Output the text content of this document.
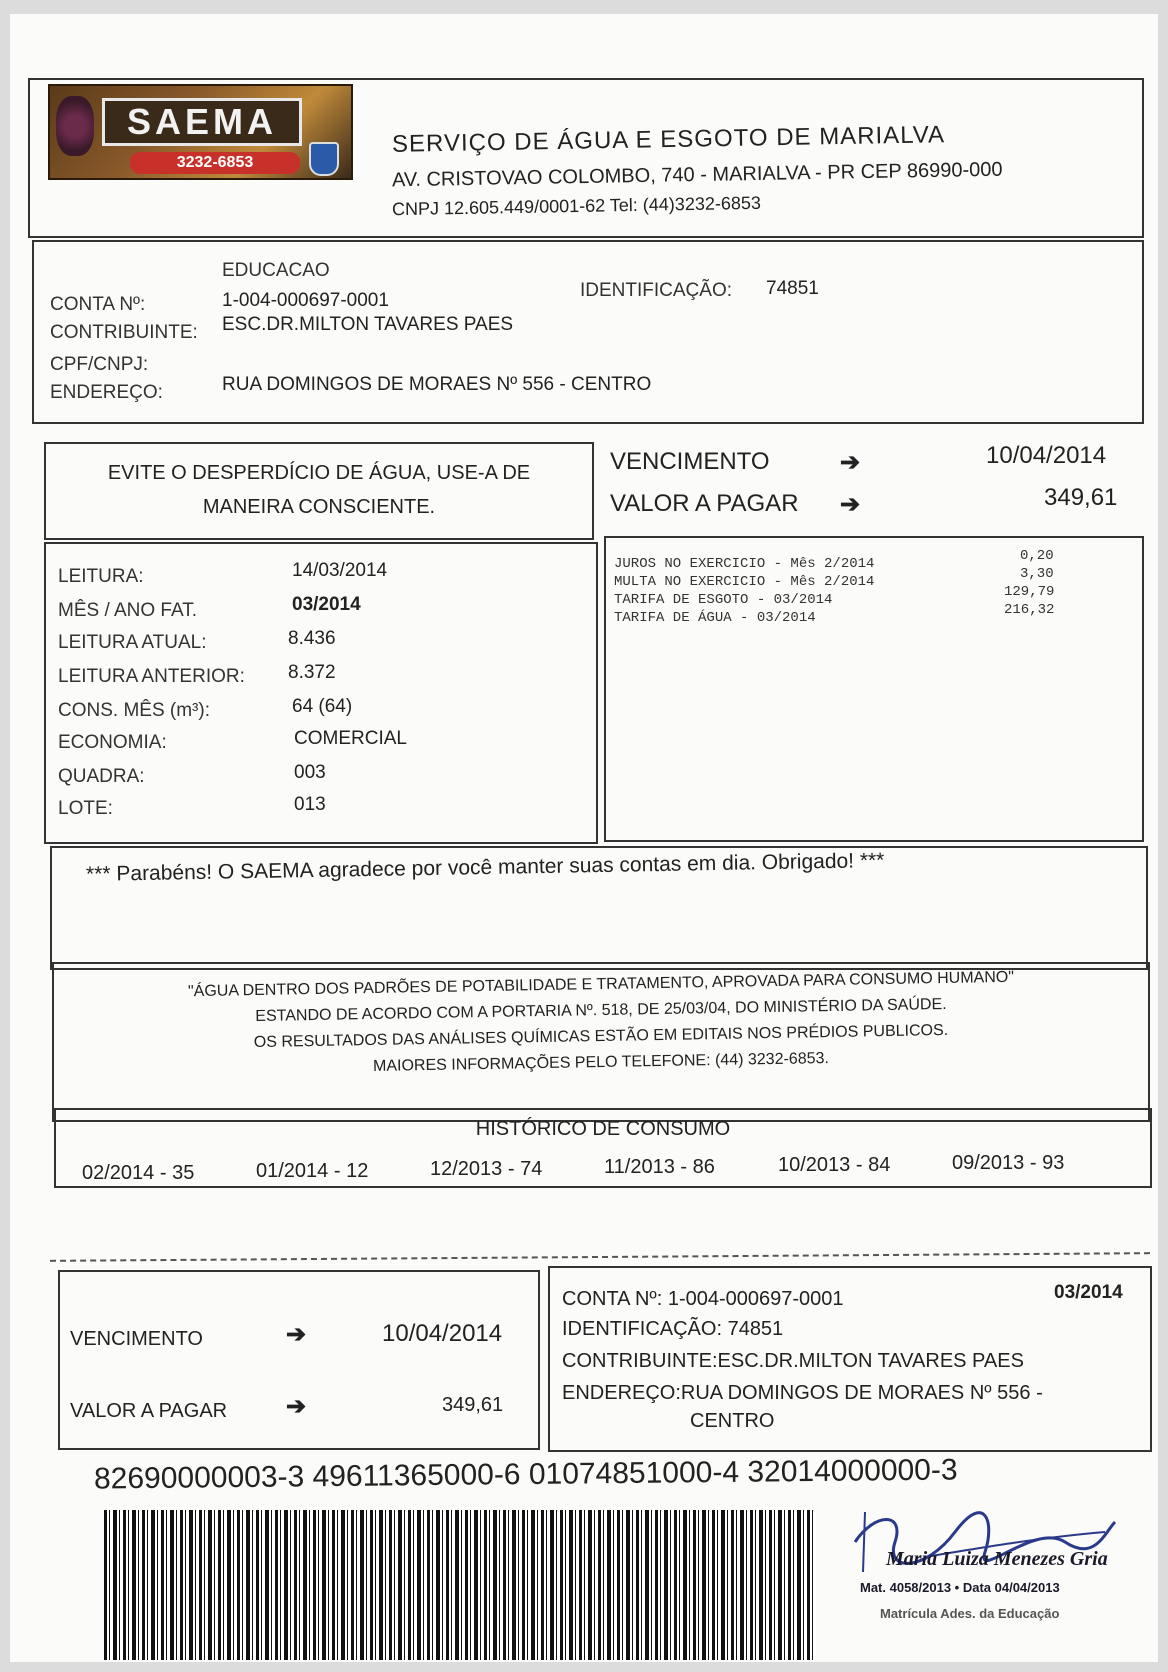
SAEMA
3232-6853
SERVIÇO DE ÁGUA E ESGOTO DE MARIALVA
AV. CRISTOVAO COLOMBO, 740 - MARIALVA - PR CEP 86990-000
CNPJ 12.605.449/0001-62 Tel: (44)3232-6853
EDUCACAO
CONTA Nº:	1-004-000697-0001	IDENTIFICAÇÃO: 74851
CONTRIBUINTE: ESC.DR.MILTON TAVARES PAES
CPF/CNPJ:
ENDEREÇO:	RUA DOMINGOS DE MORAES Nº 556 - CENTRO
EVITE O DESPERDÍCIO DE ÁGUA, USE-A DE
MANEIRA CONSCIENTE.
VENCIMENTO	➔	10/04/2014
VALOR A PAGAR ➔	349,61
LEITURA:	14/03/2014
MÊS / ANO FAT.	03/2014
LEITURA ATUAL:	8.436
LEITURA ANTERIOR: 8.372
CONS. MÊS (m³):	64 (64)
ECONOMIA:	COMERCIAL
QUADRA:	003
LOTE:	013
JUROS NO EXERCICIO - Mês 2/2014	0,20
MULTA NO EXERCICIO - Mês 2/2014	3,30
TARIFA DE ESGOTO - 03/2014	129,79
TARIFA DE ÁGUA - 03/2014	216,32
*** Parabéns! O SAEMA agradece por você manter suas contas em dia. Obrigado! ***
"ÁGUA DENTRO DOS PADRÕES DE POTABILIDADE E TRATAMENTO, APROVADA PARA CONSUMO HUMANO"
ESTANDO DE ACORDO COM A PORTARIA Nº. 518, DE 25/03/04, DO MINISTÉRIO DA SAÚDE.
OS RESULTADOS DAS ANÁLISES QUÍMICAS ESTÃO EM EDITAIS NOS PRÉDIOS PUBLICOS.
MAIORES INFORMAÇÕES PELO TELEFONE: (44) 3232-6853.
HISTÓRICO DE CONSUMO
02/2014 - 35	01/2014 - 12	12/2013 - 74	11/2013 - 86	10/2013 - 84	09/2013 - 93
VENCIMENTO	➔	10/04/2014
VALOR A PAGAR ➔	349,61
CONTA Nº: 1-004-000697-0001	03/2014
IDENTIFICAÇÃO: 74851
CONTRIBUINTE:ESC.DR.MILTON TAVARES PAES
ENDEREÇO:RUA DOMINGOS DE MORAES Nº 556 -
CENTRO
82690000003-3 49611365000-6 01074851000-4 32014000000-3
Maria Luiza Menezes Gria
Mat. 4058/2013 • Data 04/04/2013
Matrícula Ades. da Educação
